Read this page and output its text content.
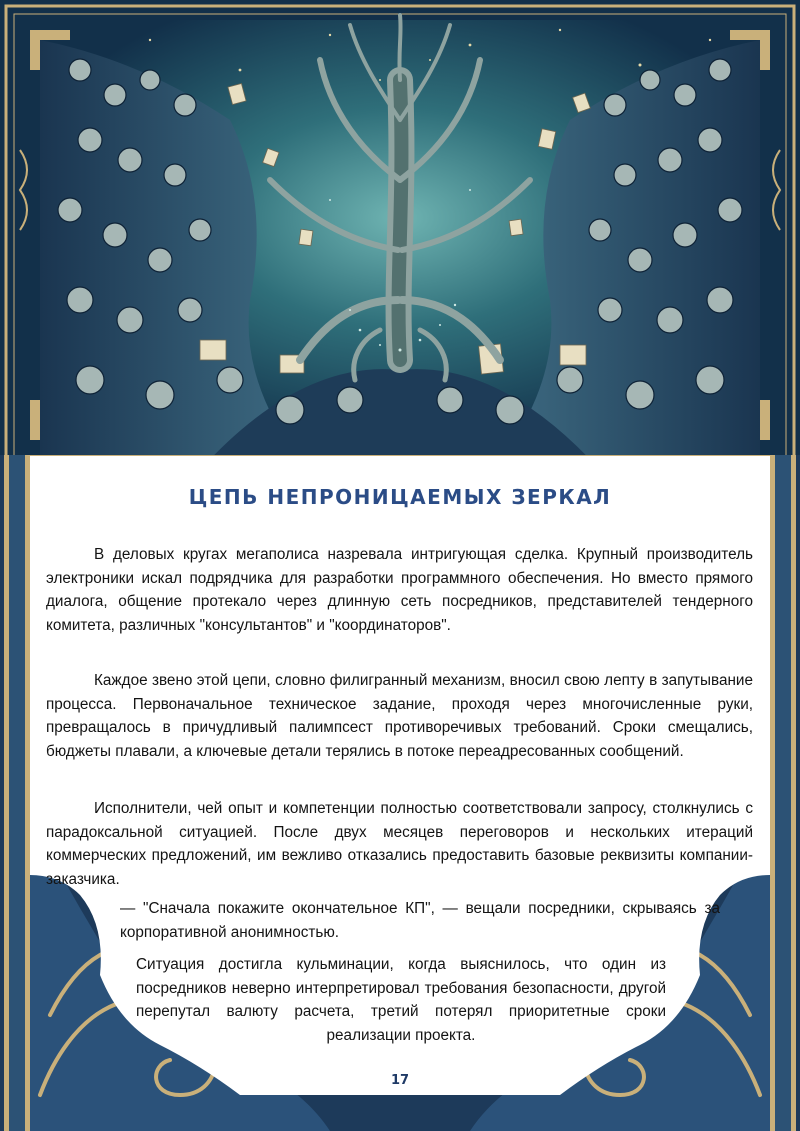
ЦЕПЬ НЕПРОНИЦАЕМЫХ ЗЕРКАЛ

В деловых кругах мегаполиса назревала интригующая сделка. Крупный производитель электроники искал подрядчика для разработки программного обеспечения. Но вместо прямого диалога, общение протекало через длинную сеть посредников, представителей тендерного комитета, различных "консультантов" и "координаторов".

Каждое звено этой цепи, словно филигранный механизм, вносил свою лепту в запутывание процесса. Первоначальное техническое задание, проходя через многочисленные руки, превращалось в причудливый палимпсест противоречивых требований. Сроки смещались, бюджеты плавали, а ключевые детали терялись в потоке переадресованных сообщений.

Исполнители, чей опыт и компетенции полностью соответствовали запросу, столкнулись с парадоксальной ситуацией. После двух месяцев переговоров и нескольких итераций коммерческих предложений, им вежливо отказались предоставить базовые реквизиты компании-заказчика.

— "Сначала покажите окончательное КП", — вещали посредники, скрываясь за корпоративной анонимностью.

Ситуация достигла кульминации, когда выяснилось, что один из посредников неверно интерпретировал требования безопасности, другой перепутал валюту расчета, третий потерял приоритетные сроки реализации проекта.

17
